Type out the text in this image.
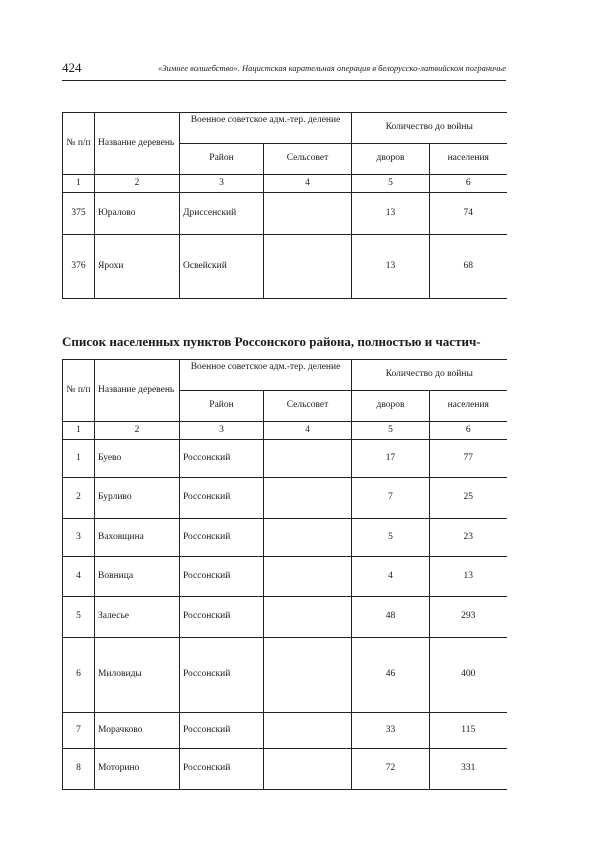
424	«Зимнее волшебство». Нацистская карательная операция в белорусско-латвийском пограничье
№ п/п	Название деревень	Военное советское адм.-тер. деление		Количество до войны	
		Район	Сельсовет	дворов	населения
1	2	3	4	5	6
375	Юралово	Дриссенский		13	74
376	Ярохи	Освейский		13	68
Список населенных пунктов Россонского района, полностью и частич-
№ п/п	Название деревень	Военное советское адм.-тер. деление		Количество до войны	
		Район	Сельсовет	дворов	населения
1	2	3	4	5	6
1	Буево	Россонский		17	77
2	Бурливо	Россонский		7	25
3	Ваховщина	Россонский		5	23
4	Вовница	Россонский		4	13
5	Залесье	Россонский		48	293
6	Миловиды	Россонский		46	400
7	Морачково	Россонский		33	115
8	Моторино	Россонский		72	331
